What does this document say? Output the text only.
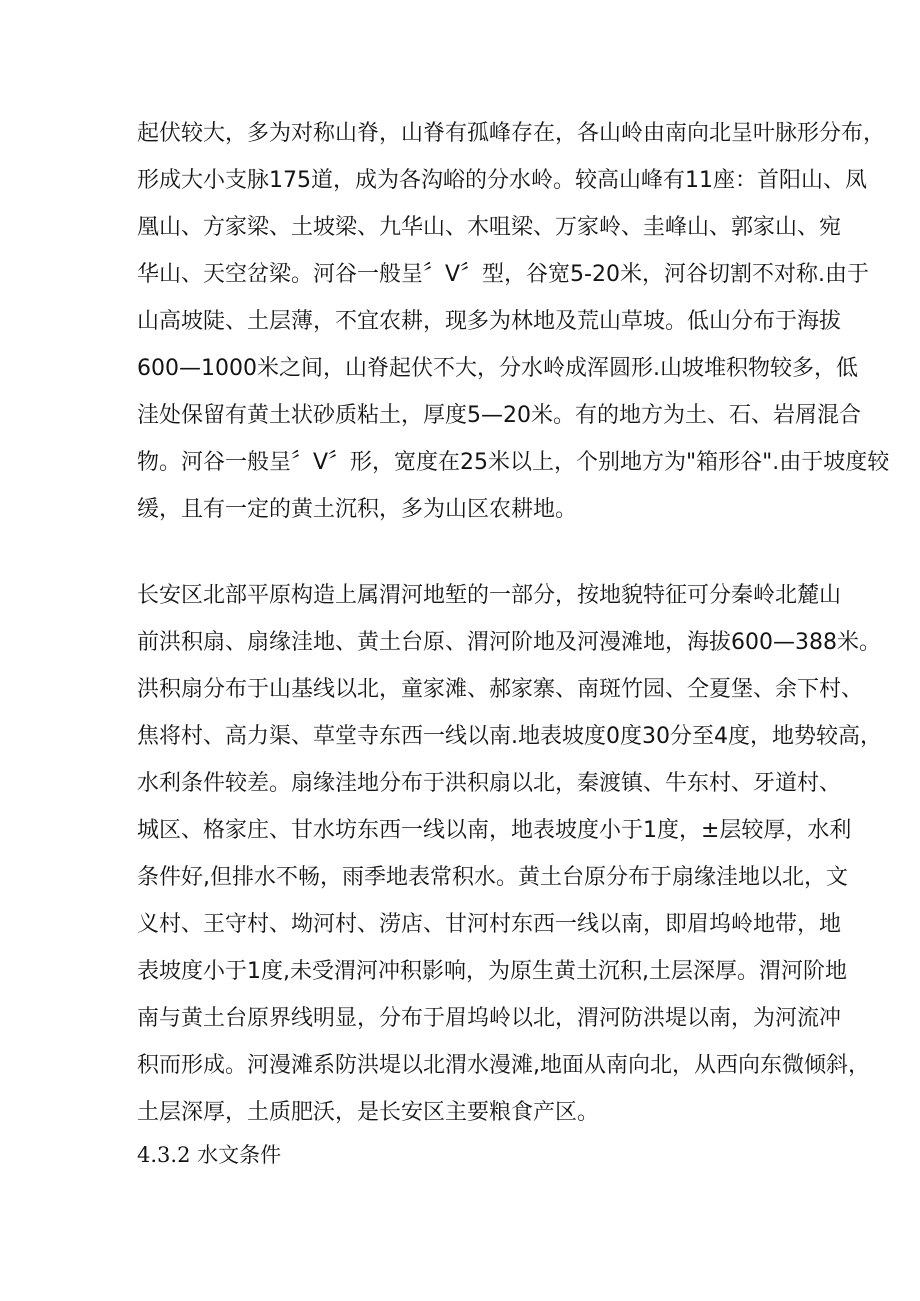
起伏较大，多为对称山脊，山脊有孤峰存在，各山岭由南向北呈叶脉形分布，
形成大小支脉175道，成为各沟峪的分水岭。较高山峰有11座：首阳山、凤
凰山、方家梁、土坡梁、九华山、木咀梁、万家岭、圭峰山、郭家山、宛
华山、天空岔梁。河谷一般呈〞V〞型，谷宽5-20米，河谷切割不对称.由于
山高坡陡、土层薄，不宜农耕，现多为林地及荒山草坡。低山分布于海拔
600—1000米之间，山脊起伏不大，分水岭成浑圆形.山坡堆积物较多，低
洼处保留有黄土状砂质粘土，厚度5—20米。有的地方为土、石、岩屑混合
物。河谷一般呈〞V〞形，宽度在25米以上，个别地方为"箱形谷".由于坡度较
缓，且有一定的黄土沉积，多为山区农耕地。
长安区北部平原构造上属渭河地堑的一部分，按地貌特征可分秦岭北麓山
前洪积扇、扇缘洼地、黄土台原、渭河阶地及河漫滩地，海拔600—388米。
洪积扇分布于山基线以北，童家滩、郝家寨、南斑竹园、仝夏堡、余下村、
焦将村、高力渠、草堂寺东西一线以南.地表坡度0度30分至4度，地势较高，
水利条件较差。扇缘洼地分布于洪积扇以北，秦渡镇、牛东村、牙道村、
城区、格家庄、甘水坊东西一线以南，地表坡度小于1度，±层较厚，水利
条件好,但排水不畅，雨季地表常积水。黄土台原分布于扇缘洼地以北，文
义村、王守村、坳河村、涝店、甘河村东西一线以南，即眉坞岭地带，地
表坡度小于1度,未受渭河冲积影响，为原生黄土沉积,土层深厚。渭河阶地
南与黄土台原界线明显，分布于眉坞岭以北，渭河防洪堤以南，为河流冲
积而形成。河漫滩系防洪堤以北渭水漫滩,地面从南向北，从西向东微倾斜，
土层深厚，土质肥沃，是长安区主要粮食产区。
4.3.2 水文条件
